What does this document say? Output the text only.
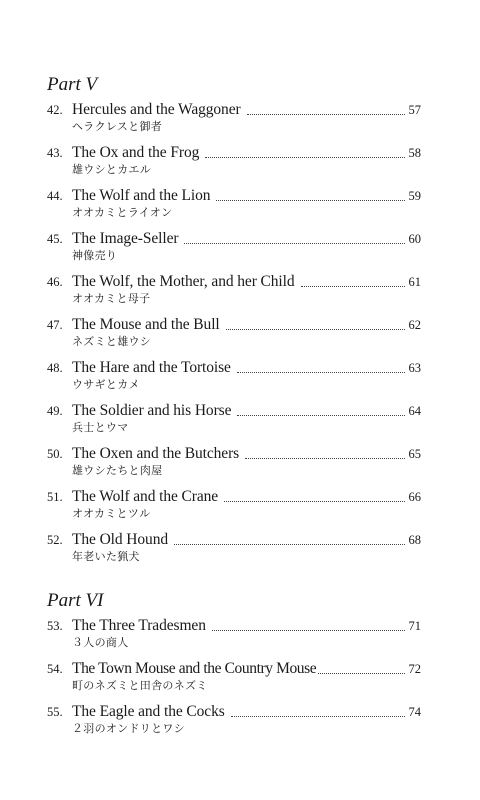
Part V
42. Hercules and the Waggoner	57
ヘラクレスと御者
43. The Ox and the Frog	58
雄ウシとカエル
44. The Wolf and the Lion	59
オオカミとライオン
45. The Image-Seller	60
神像売り
46. The Wolf, the Mother, and her Child	61
オオカミと母子
47. The Mouse and the Bull	62
ネズミと雄ウシ
48. The Hare and the Tortoise	63
ウサギとカメ
49. The Soldier and his Horse	64
兵士とウマ
50. The Oxen and the Butchers	65
雄ウシたちと肉屋
51. The Wolf and the Crane	66
オオカミとツル
52. The Old Hound	68
年老いた猟犬
Part VI
53. The Three Tradesmen	71
３人の商人
54. The Town Mouse and the Country Mouse	72
町のネズミと田舎のネズミ
55. The Eagle and the Cocks	74
２羽のオンドリとワシ
